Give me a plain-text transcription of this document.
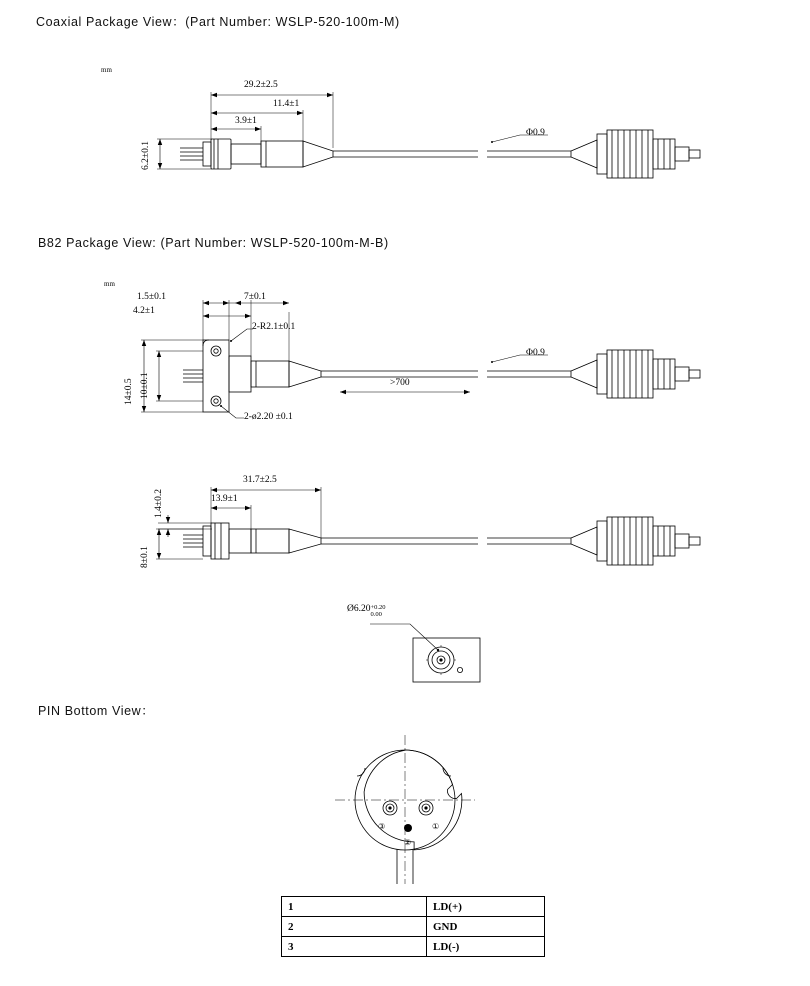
Coaxial Package View：(Part Number: WSLP-520-100m-M)
B82 Package View: (Part Number: WSLP-520-100m-M-B)
PIN Bottom View：
mm
29.2±2.5
11.4±1
3.9±1
6.2±0.1
Φ0.9
mm
1.5±0.1
4.2±1
7±0.1
2-R2.1±0.1
2-ø2.20 ±0.1
14±0.5 10±0.1	>700
Φ0.9
1.4±0.2
31.7±2.5
13.9±1
8±0.1
Ø6.20 +0.20
0.00
③	①
②
1	LD(+)
2	GND
3	LD(-)
